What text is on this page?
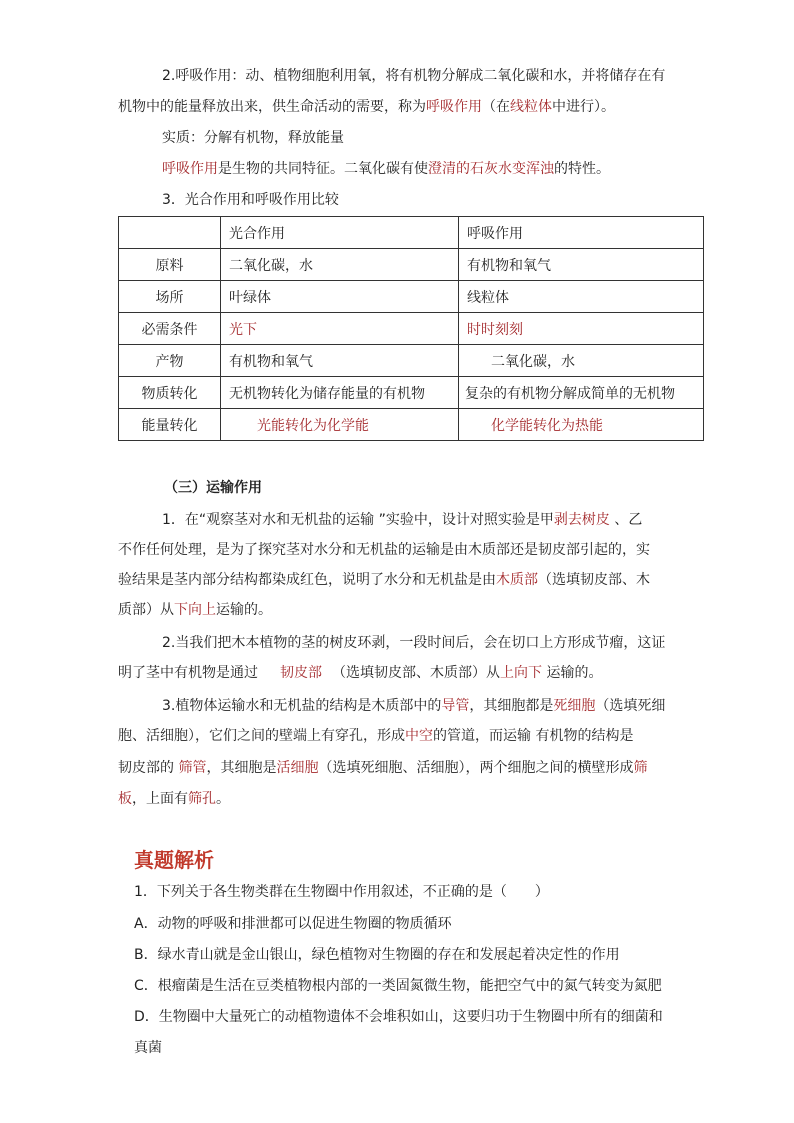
2.呼吸作用：动、植物细胞利用氧，将有机物分解成二氧化碳和水，并将储存在有
机物中的能量释放出来，供生命活动的需要，称为呼吸作用（在线粒体中进行）。
实质：分解有机物，释放能量
呼吸作用是生物的共同特征。二氧化碳有使澄清的石灰水变浑浊的特性。
3．光合作用和呼吸作用比较
	光合作用	呼吸作用
原料	二氧化碳，水	有机物和氧气
场所	叶绿体	线粒体
必需条件	光下	时时刻刻
产物	有机物和氧气	二氧化碳，水
物质转化	无机物转化为储存能量的有机物	复杂的有机物分解成简单的无机物
能量转化	光能转化为化学能	化学能转化为热能
（三）运输作用
1．在“观察茎对水和无机盐的运输 ”实验中，设计对照实验是甲剥去树皮 、乙
不作任何处理，是为了探究茎对水分和无机盐的运输是由木质部还是韧皮部引起的，实
验结果是茎内部分结构都染成红色，说明了水分和无机盐是由木质部（选填韧皮部、木
质部）从下向上运输的。
2.当我们把木本植物的茎的树皮环剥，一段时间后，会在切口上方形成节瘤，这证
明了茎中有机物是通过 韧皮部 （选填韧皮部、木质部）从上向下 运输的。
3.植物体运输水和无机盐的结构是木质部中的导管，其细胞都是死细胞（选填死细
胞、活细胞），它们之间的壁端上有穿孔，形成中空的管道，而运输 有机物的结构是
韧皮部的 筛管，其细胞是活细胞（选填死细胞、活细胞），两个细胞之间的横壁形成筛
板，上面有筛孔。
真题解析
1．下列关于各生物类群在生物圈中作用叙述，不正确的是（　　）
A．动物的呼吸和排泄都可以促进生物圈的物质循环
B．绿水青山就是金山银山，绿色植物对生物圈的存在和发展起着决定性的作用
C．根瘤菌是生活在豆类植物根内部的一类固氮微生物，能把空气中的氮气转变为氮肥
D．生物圈中大量死亡的动植物遗体不会堆积如山，这要归功于生物圈中所有的细菌和
真菌
